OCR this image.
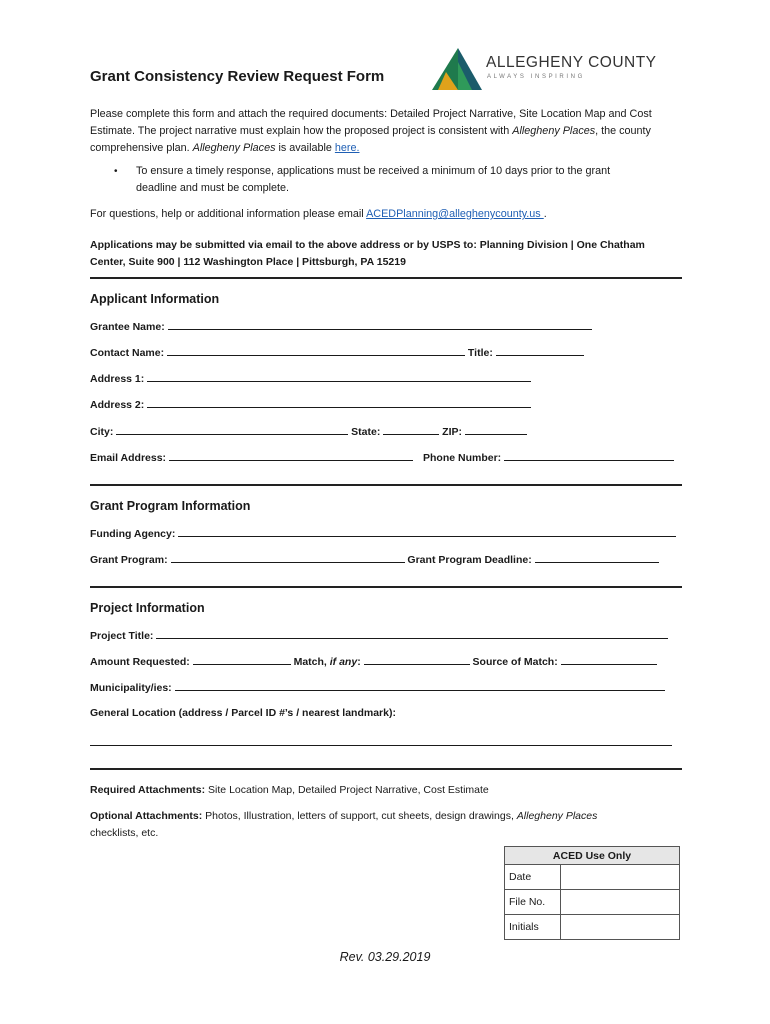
Grant Consistency Review Request Form
ALLEGHENY COUNTY
ALWAYS INSPIRING
Please complete this form and attach the required documents: Detailed Project Narrative, Site Location Map and Cost Estimate. The project narrative must explain how the proposed project is consistent with Allegheny Places, the county comprehensive plan. Allegheny Places is available here.
• To ensure a timely response, applications must be received a minimum of 10 days prior to the grant
deadline and must be complete.
For questions, help or additional information please email ACEDPlanning@alleghenycounty.us .
Applications may be submitted via email to the above address or by USPS to: Planning Division | One Chatham
Center, Suite 900 | 112 Washington Place | Pittsburgh, PA 15219
Applicant Information
Grantee Name:
Contact Name:	Title:
Address 1:
Address 2:
City:	State:	ZIP:
Email Address:	Phone Number:
Grant Program Information
Funding Agency:
Grant Program:	Grant Program Deadline:
Project Information
Project Title:
Amount Requested:	Match, if any:	Source of Match:
Municipality/ies:
General Location (address / Parcel ID #’s / nearest landmark):
Required Attachments: Site Location Map, Detailed Project Narrative, Cost Estimate
Optional Attachments: Photos, Illustration, letters of support, cut sheets, design drawings, Allegheny Places
checklists, etc.
ACED Use Only	
Date	
File No.	
Initials	
Rev. 03.29.2019
